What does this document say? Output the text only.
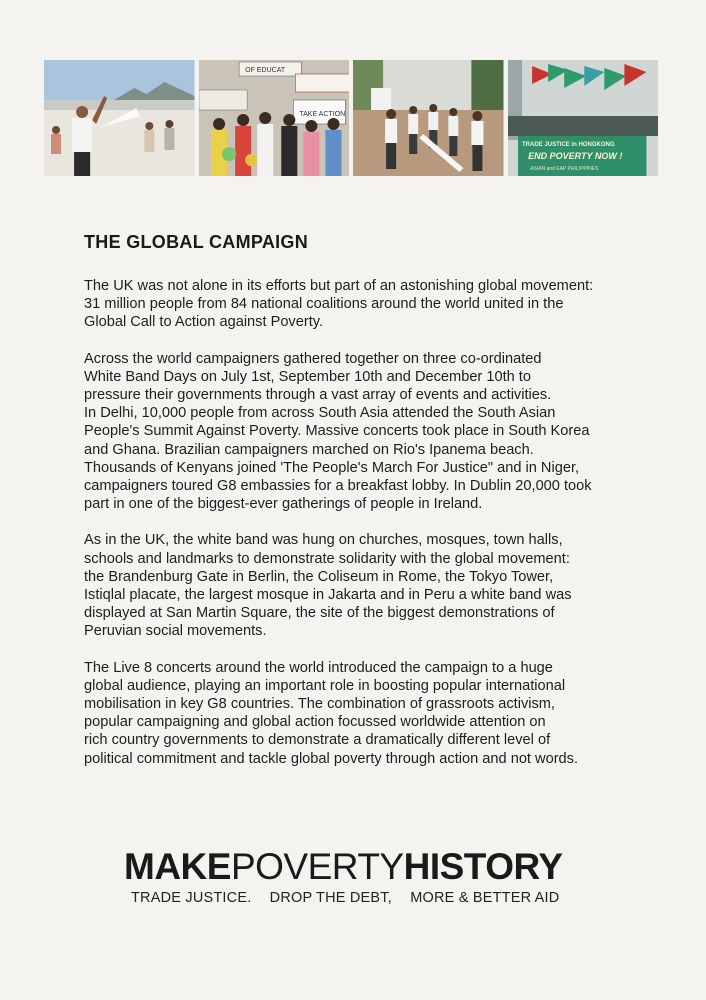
OF EDUCAT
TAKE ACTION
TRADE JUSTICE in HONGKONG
END POVERTY NOW !
ASIAN and EAP PHILIPPINES
THE GLOBAL CAMPAIGN

The UK was not alone in its efforts but part of an astonishing global movement:
31 million people from 84 national coalitions around the world united in the
Global Call to Action against Poverty.

Across the world campaigners gathered together on three co-ordinated
White Band Days on July 1st, September 10th and December 10th to
pressure their governments through a vast array of events and activities.
In Delhi, 10,000 people from across South Asia attended the South Asian
People's Summit Against Poverty. Massive concerts took place in South Korea
and Ghana. Brazilian campaigners marched on Rio's Ipanema beach.
Thousands of Kenyans joined 'The People's March For Justice" and in Niger,
campaigners toured G8 embassies for a breakfast lobby. In Dublin 20,000 took
part in one of the biggest-ever gatherings of people in Ireland.

As in the UK, the white band was hung on churches, mosques, town halls,
schools and landmarks to demonstrate solidarity with the global movement:
the Brandenburg Gate in Berlin, the Coliseum in Rome, the Tokyo Tower,
Istiqlal placate, the largest mosque in Jakarta and in Peru a white band was
displayed at San Martin Square, the site of the biggest demonstrations of
Peruvian social movements.

The Live 8 concerts around the world introduced the campaign to a huge
global audience, playing an important role in boosting popular international
mobilisation in key G8 countries. The combination of grassroots activism,
popular campaigning and global action focussed worldwide attention on
rich country governments to demonstrate a dramatically different level of
political commitment and tackle global poverty through action and not words.

MAKEPOVERTYHISTORY
TRADE JUSTICE. DROP THE DEBT, MORE & BETTER AID
